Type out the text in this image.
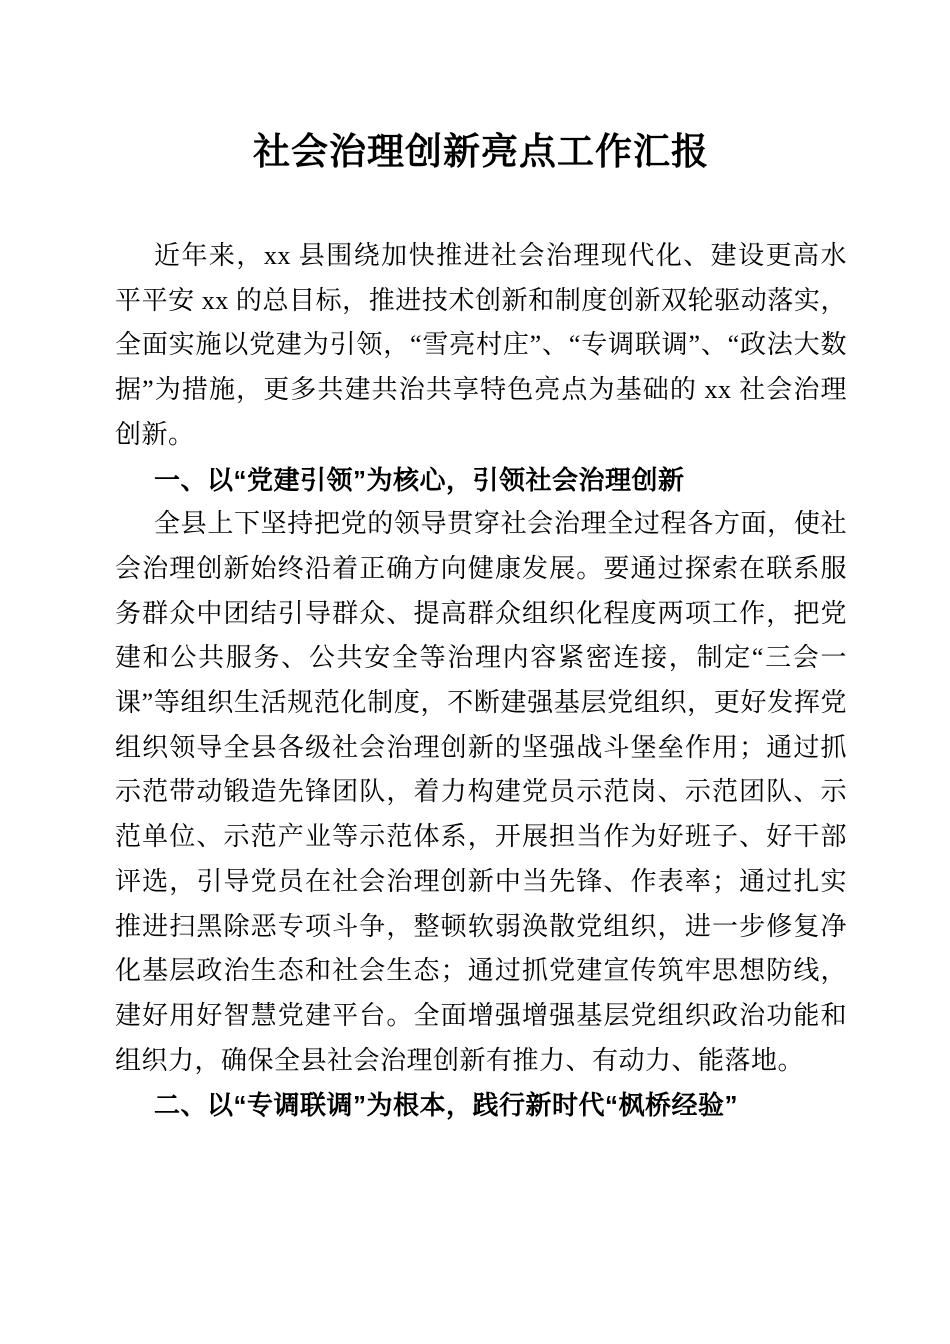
社会治理创新亮点工作汇报

近年来，xx 县围绕加快推进社会治理现代化、建设更高水平平安 xx 的总目标，推进技术创新和制度创新双轮驱动落实，全面实施以党建为引领，“雪亮村庄”、“专调联调”、“政法大数据”为措施，更多共建共治共享特色亮点为基础的 xx 社会治理创新。

一、以“党建引领”为核心，引领社会治理创新

全县上下坚持把党的领导贯穿社会治理全过程各方面，使社会治理创新始终沿着正确方向健康发展。要通过探索在联系服务群众中团结引导群众、提高群众组织化程度两项工作，把党建和公共服务、公共安全等治理内容紧密连接，制定“三会一课”等组织生活规范化制度，不断建强基层党组织，更好发挥党组织领导全县各级社会治理创新的坚强战斗堡垒作用；通过抓示范带动锻造先锋团队，着力构建党员示范岗、示范团队、示范单位、示范产业等示范体系，开展担当作为好班子、好干部评选，引导党员在社会治理创新中当先锋、作表率；通过扎实推进扫黑除恶专项斗争，整顿软弱涣散党组织，进一步修复净化基层政治生态和社会生态；通过抓党建宣传筑牢思想防线，建好用好智慧党建平台。全面增强增强基层党组织政治功能和组织力，确保全县社会治理创新有推力、有动力、能落地。

二、以“专调联调”为根本，践行新时代“枫桥经验”
